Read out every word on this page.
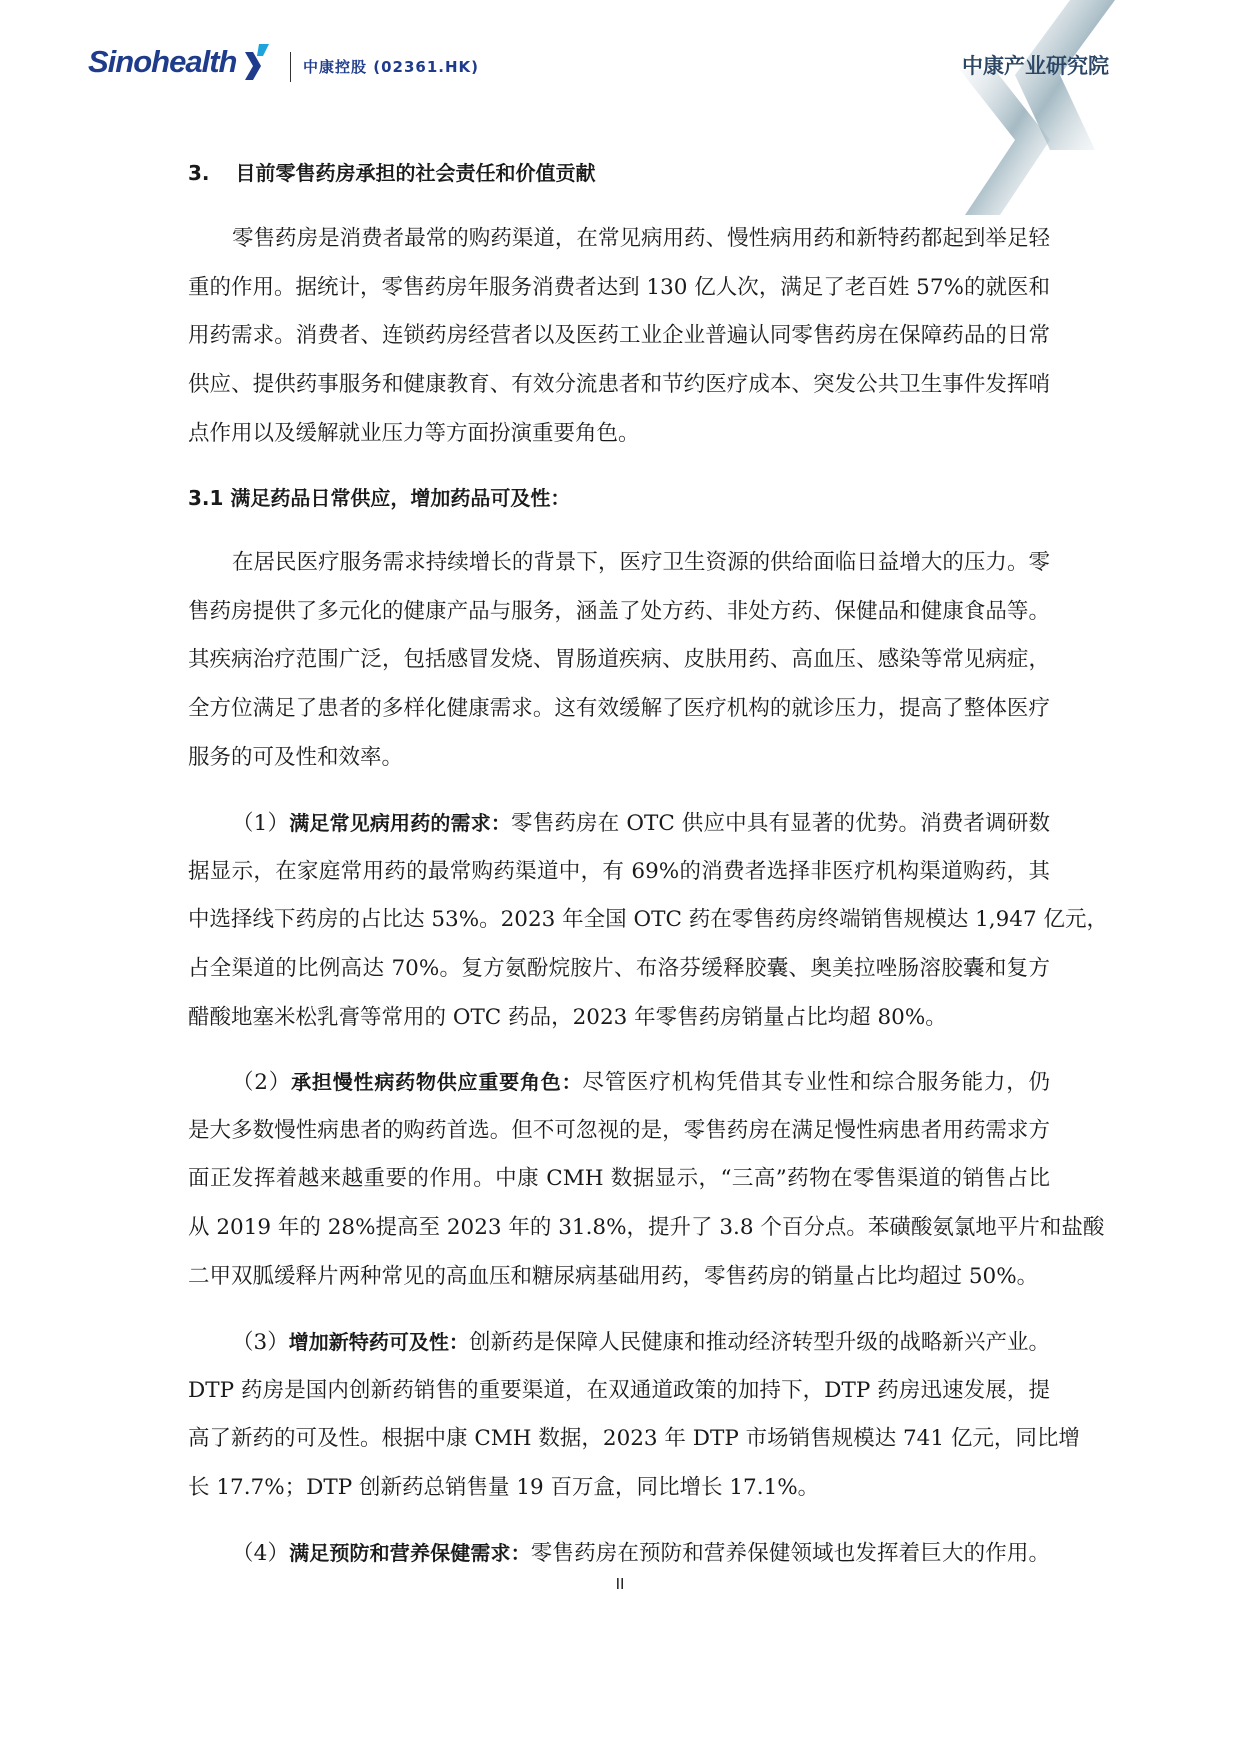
Sinohealth	中康控股 (02361.HK)	中康产业研究院
3. 目前零售药房承担的社会责任和价值贡献
零售药房是消费者最常的购药渠道，在常见病用药、慢性病用药和新特药都起到举足轻
重的作用。据统计，零售药房年服务消费者达到 130 亿人次，满足了老百姓 57%的就医和
用药需求。消费者、连锁药房经营者以及医药工业企业普遍认同零售药房在保障药品的日常
供应、提供药事服务和健康教育、有效分流患者和节约医疗成本、突发公共卫生事件发挥哨
点作用以及缓解就业压力等方面扮演重要角色。
3.1 满足药品日常供应，增加药品可及性：
在居民医疗服务需求持续增长的背景下，医疗卫生资源的供给面临日益增大的压力。零
售药房提供了多元化的健康产品与服务，涵盖了处方药、非处方药、保健品和健康食品等。
其疾病治疗范围广泛，包括感冒发烧、胃肠道疾病、皮肤用药、高血压、感染等常见病症，
全方位满足了患者的多样化健康需求。这有效缓解了医疗机构的就诊压力，提高了整体医疗
服务的可及性和效率。
（1）满足常见病用药的需求：零售药房在 OTC 供应中具有显著的优势。消费者调研数
据显示，在家庭常用药的最常购药渠道中，有 69%的消费者选择非医疗机构渠道购药，其
中选择线下药房的占比达 53%。2023 年全国 OTC 药在零售药房终端销售规模达 1,947 亿元，
占全渠道的比例高达 70%。复方氨酚烷胺片、布洛芬缓释胶囊、奥美拉唑肠溶胶囊和复方
醋酸地塞米松乳膏等常用的 OTC 药品，2023 年零售药房销量占比均超 80%。
（2）承担慢性病药物供应重要角色：尽管医疗机构凭借其专业性和综合服务能力，仍
是大多数慢性病患者的购药首选。但不可忽视的是，零售药房在满足慢性病患者用药需求方
面正发挥着越来越重要的作用。中康 CMH 数据显示，“三高”药物在零售渠道的销售占比
从 2019 年的 28%提高至 2023 年的 31.8%，提升了 3.8 个百分点。苯磺酸氨氯地平片和盐酸
二甲双胍缓释片两种常见的高血压和糖尿病基础用药，零售药房的销量占比均超过 50%。
（3）增加新特药可及性：创新药是保障人民健康和推动经济转型升级的战略新兴产业。
DTP 药房是国内创新药销售的重要渠道，在双通道政策的加持下，DTP 药房迅速发展，提
高了新药的可及性。根据中康 CMH 数据，2023 年 DTP 市场销售规模达 741 亿元，同比增
长 17.7%；DTP 创新药总销售量 19 百万盒，同比增长 17.1%。
（4）满足预防和营养保健需求：零售药房在预防和营养保健领域也发挥着巨大的作用。
II
